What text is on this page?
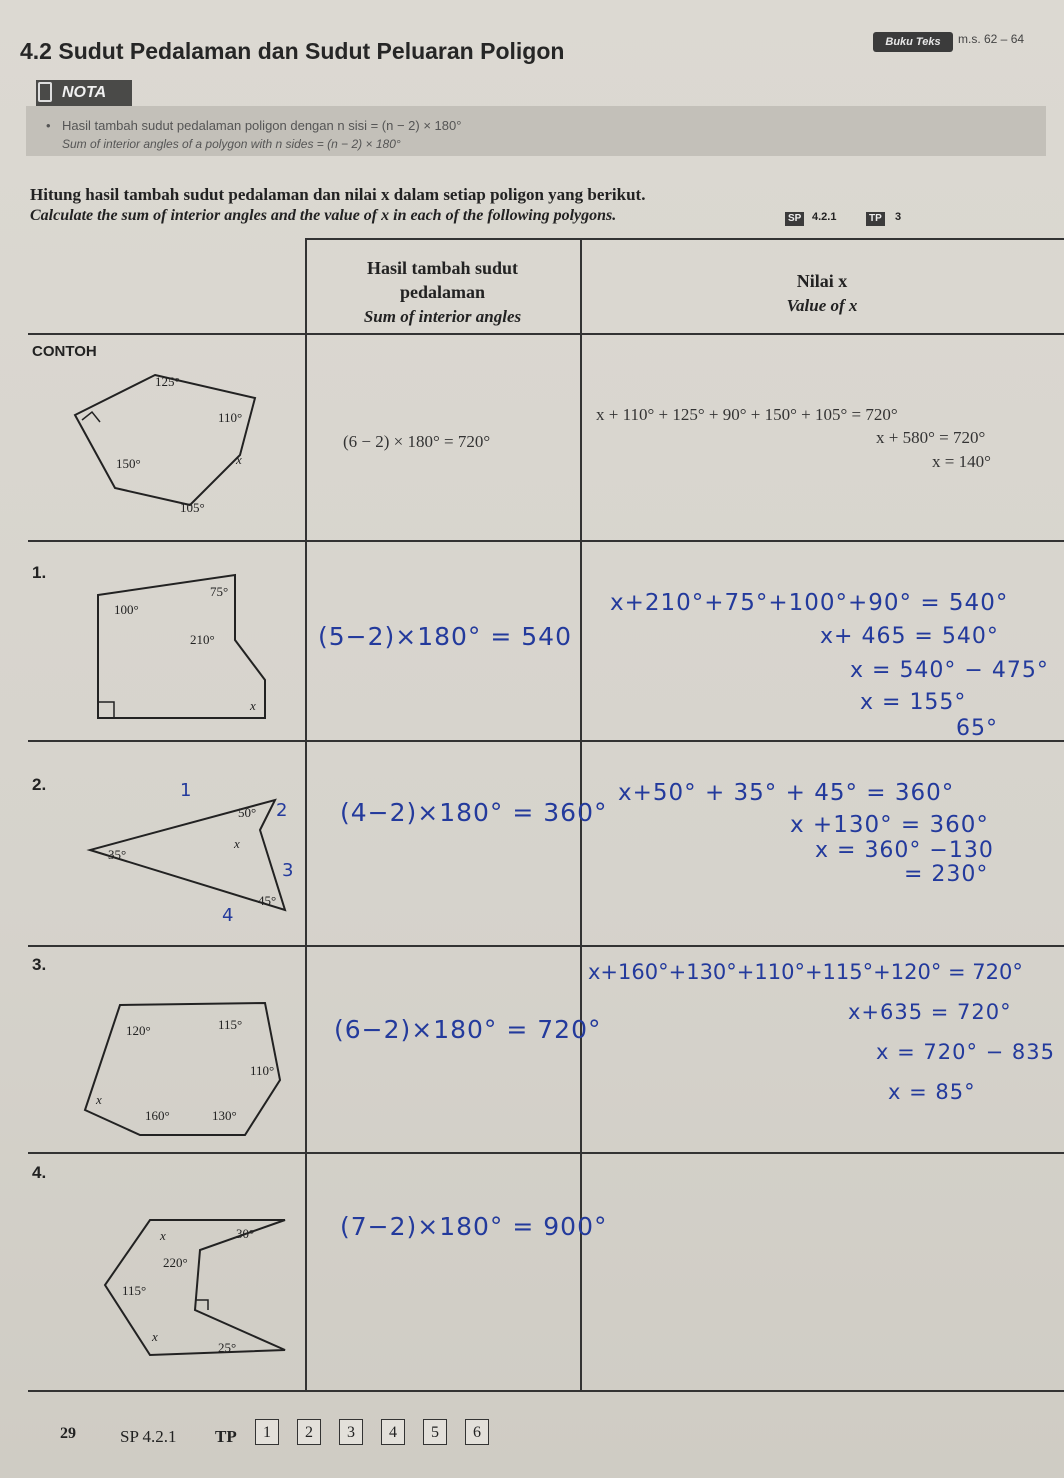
4.2 Sudut Pedalaman dan Sudut Peluaran Poligon	Buku Teks	m.s. 62 – 64
NOTA
• Hasil tambah sudut pedalaman poligon dengan n sisi = (n − 2) × 180°
Sum of interior angles of a polygon with n sides = (n − 2) × 180°
Hitung hasil tambah sudut pedalaman dan nilai x dalam setiap poligon yang berikut.
Calculate the sum of interior angles and the value of x in each of the following polygons.	SP 4.2.1	TP 3
Hasil tambah sudut
pedalaman
Sum of interior angles
Nilai x
Value of x
CONTOH
125°
110°
150°	x
105°
(6 − 2) × 180° = 720°
x + 110° + 125° + 90° + 150° + 105° = 720°
x + 580° = 720°
x = 140°
1.
75°
100°
210°
x
(5−2)×180° = 540
x+210°+75°+100°+90° = 540°
x+ 465 = 540°
x = 540° − 475°
x = 155°
65°
2.
50°
x
35°
45°
1
2
3
4
(4−2)×180° = 360°
x+50° + 35° + 45° = 360°
x +130° = 360°
x = 360° −130
= 230°
3.
120°	115°
110°
x
160°	130°
(6−2)×180° = 720°
x+160°+130°+110°+115°+120° = 720°
x+635 = 720°
x = 720° − 835
x = 85°
4.
x	30°
220°
115°
x
25°
(7−2)×180° = 900°
29	SP 4.2.1 TP	1	2	3	4	5	6
